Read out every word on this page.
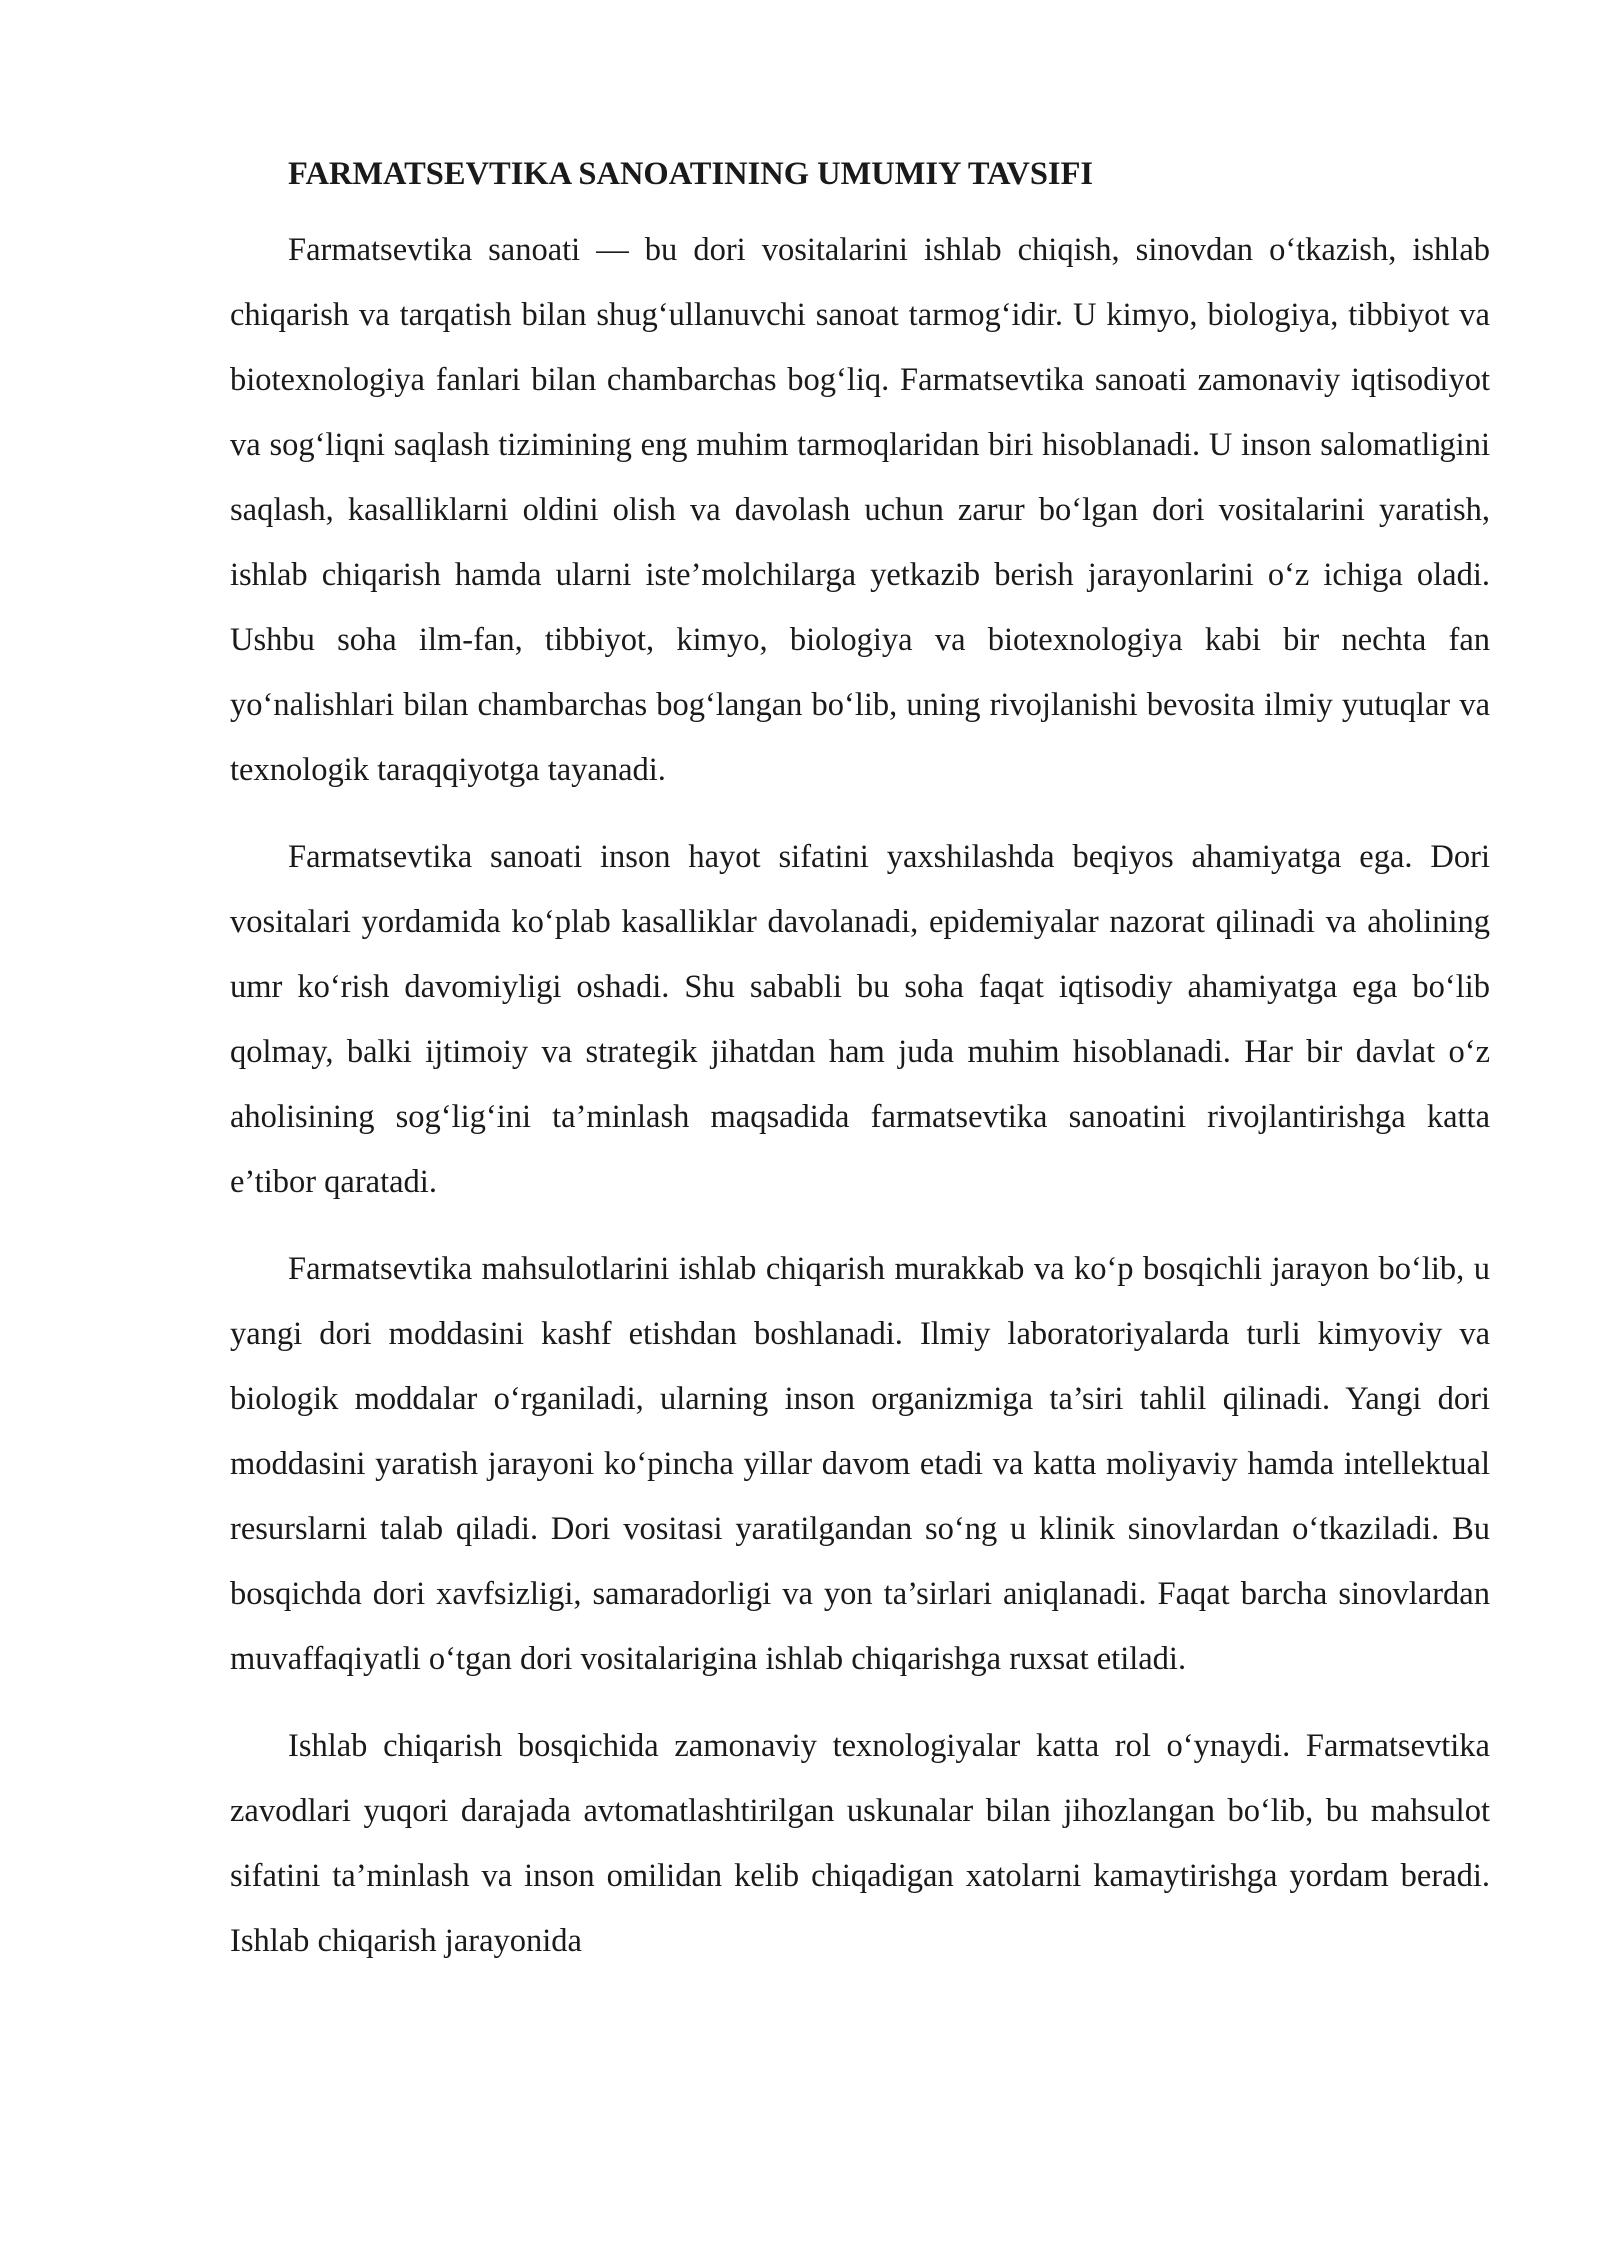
FARMATSEVTIKA SANOATINING UMUMIY TAVSIFI

Farmatsevtika sanoati — bu dori vositalarini ishlab chiqish, sinovdan o‘tkazish, ishlab chiqarish va tarqatish bilan shug‘ullanuvchi sanoat tarmog‘idir. U kimyo, biologiya, tibbiyot va biotexnologiya fanlari bilan chambarchas bog‘liq. Farmatsevtika sanoati zamonaviy iqtisodiyot va sog‘liqni saqlash tizimining eng muhim tarmoqlaridan biri hisoblanadi. U inson salomatligini saqlash, kasalliklarni oldini olish va davolash uchun zarur bo‘lgan dori vositalarini yaratish, ishlab chiqarish hamda ularni iste’molchilarga yetkazib berish jarayonlarini o‘z ichiga oladi. Ushbu soha ilm-fan, tibbiyot, kimyo, biologiya va biotexnologiya kabi bir nechta fan yo‘nalishlari bilan chambarchas bog‘langan bo‘lib, uning rivojlanishi bevosita ilmiy yutuqlar va texnologik taraqqiyotga tayanadi.

Farmatsevtika sanoati inson hayot sifatini yaxshilashda beqiyos ahamiyatga ega. Dori vositalari yordamida ko‘plab kasalliklar davolanadi, epidemiyalar nazorat qilinadi va aholining umr ko‘rish davomiyligi oshadi. Shu sababli bu soha faqat iqtisodiy ahamiyatga ega bo‘lib qolmay, balki ijtimoiy va strategik jihatdan ham juda muhim hisoblanadi. Har bir davlat o‘z aholisining sog‘lig‘ini ta’minlash maqsadida farmatsevtika sanoatini rivojlantirishga katta e’tibor qaratadi.

Farmatsevtika mahsulotlarini ishlab chiqarish murakkab va ko‘p bosqichli jarayon bo‘lib, u yangi dori moddasini kashf etishdan boshlanadi. Ilmiy laboratoriyalarda turli kimyoviy va biologik moddalar o‘rganiladi, ularning inson organizmiga ta’siri tahlil qilinadi. Yangi dori moddasini yaratish jarayoni ko‘pincha yillar davom etadi va katta moliyaviy hamda intellektual resurslarni talab qiladi. Dori vositasi yaratilgandan so‘ng u klinik sinovlardan o‘tkaziladi. Bu bosqichda dori xavfsizligi, samaradorligi va yon ta’sirlari aniqlanadi. Faqat barcha sinovlardan muvaffaqiyatli o‘tgan dori vositalarigina ishlab chiqarishga ruxsat etiladi.

Ishlab chiqarish bosqichida zamonaviy texnologiyalar katta rol o‘ynaydi. Farmatsevtika zavodlari yuqori darajada avtomatlashtirilgan uskunalar bilan jihozlangan bo‘lib, bu mahsulot sifatini ta’minlash va inson omilidan kelib chiqadigan xatolarni kamaytirishga yordam beradi. Ishlab chiqarish jarayonida
